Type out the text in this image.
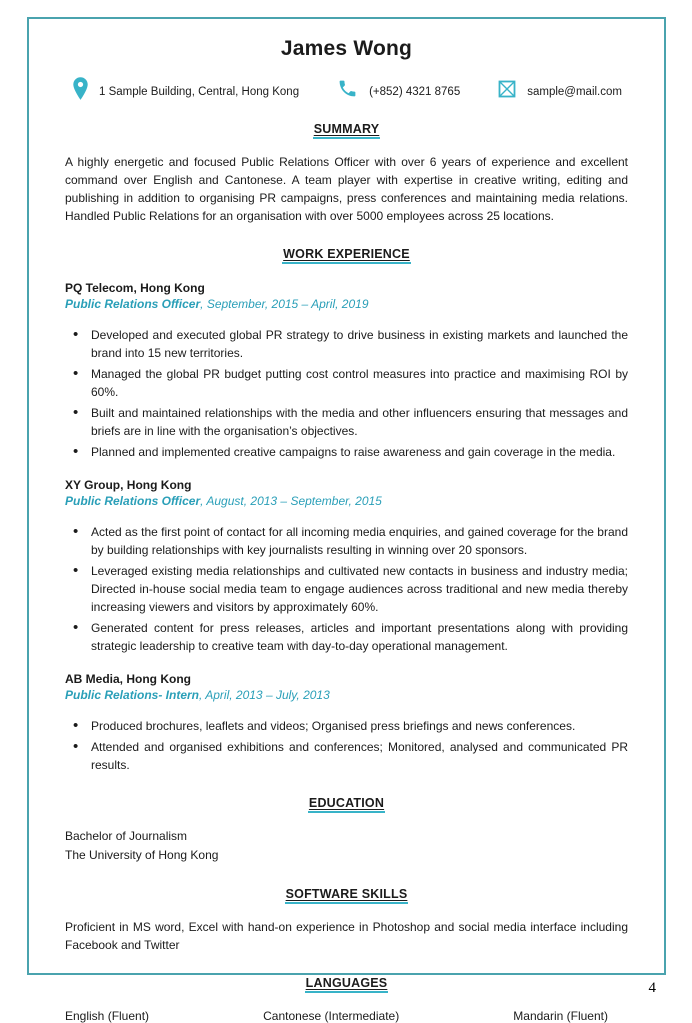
James Wong
1 Sample Building, Central, Hong Kong	(+852) 4321 8765	sample@mail.com
SUMMARY

A highly energetic and focused Public Relations Officer with over 6 years of experience and excellent command over English and Cantonese. A team player with expertise in creative writing, editing and publishing in addition to organising PR campaigns, press conferences and maintaining media relations. Handled Public Relations for an organisation with over 5000 employees across 25 locations.

WORK EXPERIENCE
PQ Telecom, Hong Kong
Public Relations Officer, September, 2015 – April, 2019
• Developed and executed global PR strategy to drive business in existing markets and launched the brand into 15 new territories.
• Managed the global PR budget putting cost control measures into practice and maximising ROI by 60%.
• Built and maintained relationships with the media and other influencers ensuring that messages and briefs are in line with the organisation’s objectives.
• Planned and implemented creative campaigns to raise awareness and gain coverage in the media.
XY Group, Hong Kong
Public Relations Officer, August, 2013 – September, 2015
• Acted as the first point of contact for all incoming media enquiries, and gained coverage for the brand by building relationships with key journalists resulting in winning over 20 sponsors.
• Leveraged existing media relationships and cultivated new contacts in business and industry media; Directed in-house social media team to engage audiences across traditional and new media thereby increasing viewers and visitors by approximately 60%.
• Generated content for press releases, articles and important presentations along with providing strategic leadership to creative team with day-to-day operational management.
AB Media, Hong Kong
Public Relations- Intern, April, 2013 – July, 2013
• Produced brochures, leaflets and videos; Organised press briefings and news conferences.
• Attended and organised exhibitions and conferences; Monitored, analysed and communicated PR results.
EDUCATION
Bachelor of Journalism
The University of Hong Kong
SOFTWARE SKILLS

Proficient in MS word, Excel with hand-on experience in Photoshop and social media interface including Facebook and Twitter

LANGUAGES
English (Fluent)	Cantonese (Intermediate)	Mandarin (Fluent)
4
